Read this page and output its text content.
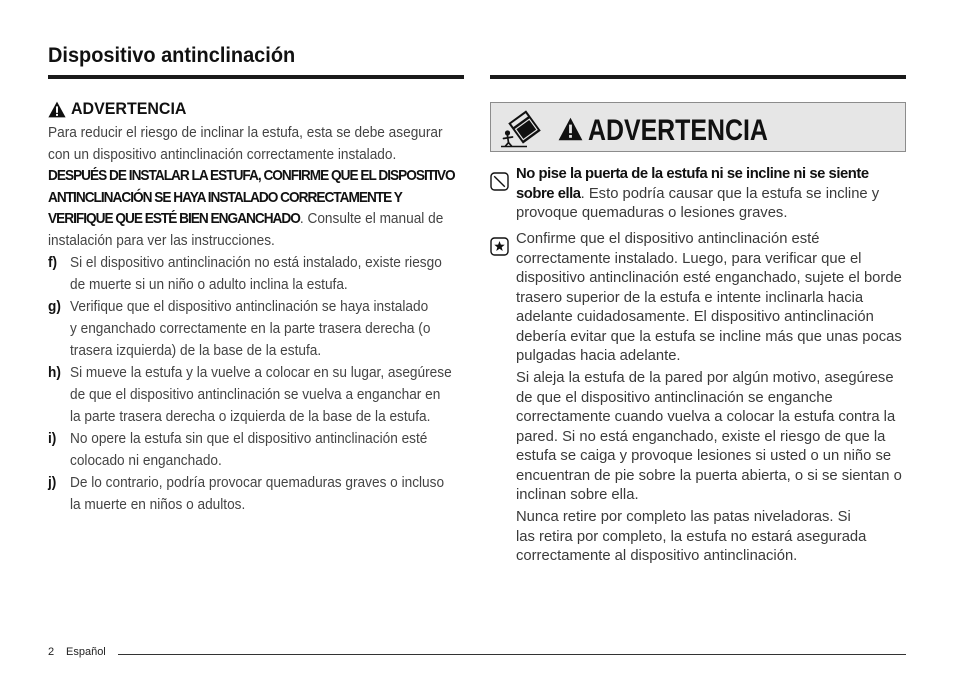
Dispositivo antinclinación
ADVERTENCIA
Para reducir el riesgo de inclinar la estufa, esta se debe asegurar
con un dispositivo antinclinación correctamente instalado.
DESPUÉS DE INSTALAR LA ESTUFA, CONFIRME QUE EL DISPOSITIVO
ANTINCLINACIÓN SE HAYA INSTALADO CORRECTAMENTE Y
VERIFIQUE QUE ESTÉ BIEN ENGANCHADO. Consulte el manual de
instalación para ver las instrucciones.
f) Si el dispositivo antinclinación no está instalado, existe riesgo
de muerte si un niño o adulto inclina la estufa.
g) Verifique que el dispositivo antinclinación se haya instalado
y enganchado correctamente en la parte trasera derecha (o
trasera izquierda) de la base de la estufa.
h) Si mueve la estufa y la vuelve a colocar en su lugar, asegúrese
de que el dispositivo antinclinación se vuelva a enganchar en
la parte trasera derecha o izquierda de la base de la estufa.
i) No opere la estufa sin que el dispositivo antinclinación esté
colocado ni enganchado.
j) De lo contrario, podría provocar quemaduras graves o incluso
la muerte en niños o adultos.
ADVERTENCIA
No pise la puerta de la estufa ni se incline ni se siente
sobre ella. Esto podría causar que la estufa se incline y
provoque quemaduras o lesiones graves.
Confirme que el dispositivo antinclinación esté
correctamente instalado. Luego, para verificar que el
dispositivo antinclinación esté enganchado, sujete el borde
trasero superior de la estufa e intente inclinarla hacia
adelante cuidadosamente. El dispositivo antinclinación
debería evitar que la estufa se incline más que unas pocas
pulgadas hacia adelante.
Si aleja la estufa de la pared por algún motivo, asegúrese
de que el dispositivo antinclinación se enganche
correctamente cuando vuelva a colocar la estufa contra la
pared. Si no está enganchado, existe el riesgo de que la
estufa se caiga y provoque lesiones si usted o un niño se
encuentran de pie sobre la puerta abierta, o si se sientan o
inclinan sobre ella.
Nunca retire por completo las patas niveladoras. Si
las retira por completo, la estufa no estará asegurada
correctamente al dispositivo antinclinación.
2 Español
